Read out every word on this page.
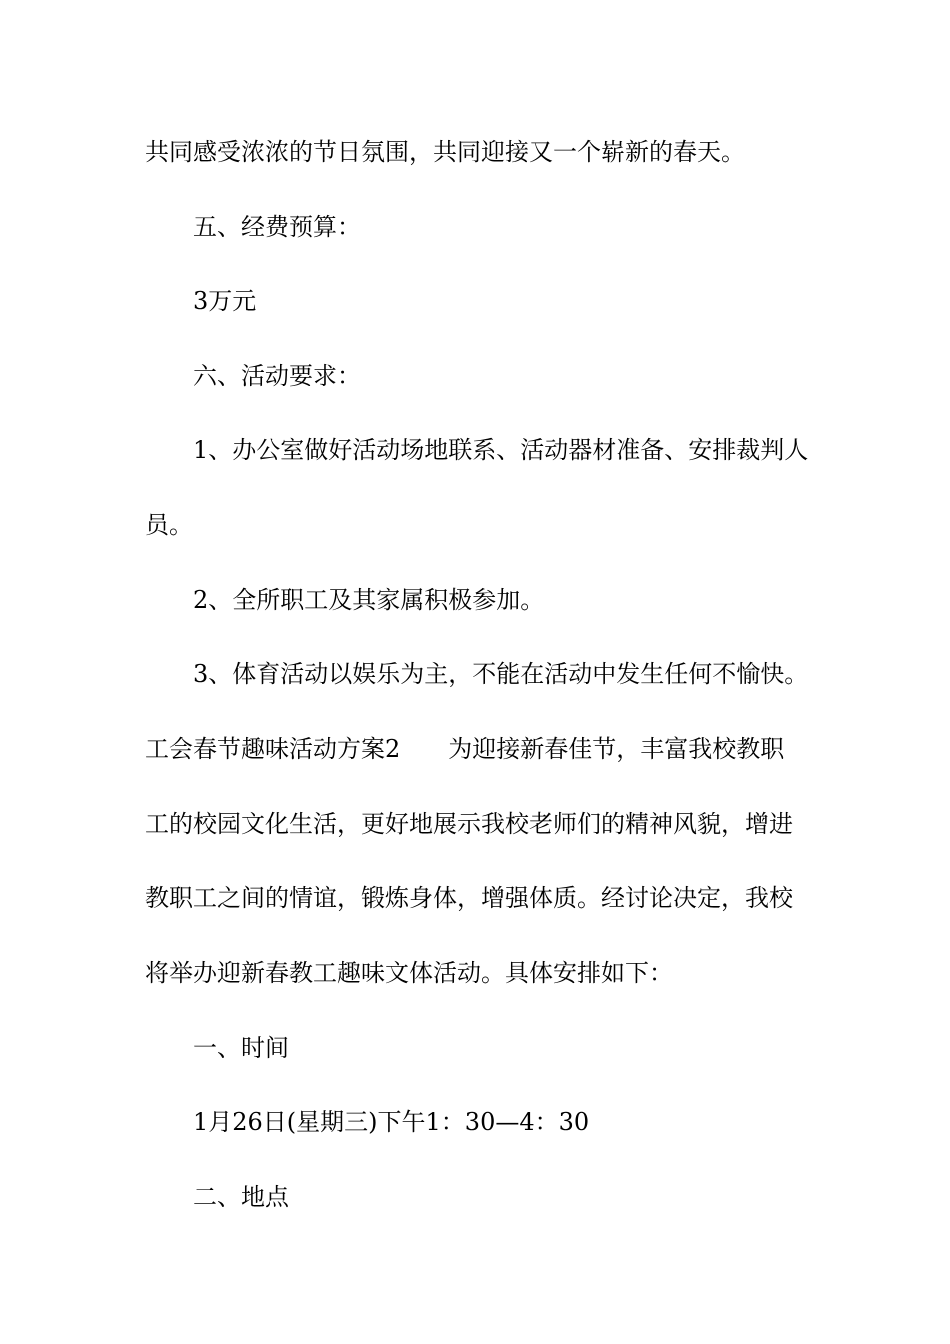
共同感受浓浓的节日氛围，共同迎接又一个崭新的春天。
五、经费预算：
3万元
六、活动要求：
1、办公室做好活动场地联系、活动器材准备、安排裁判人
员。
2、全所职工及其家属积极参加。
3、体育活动以娱乐为主，不能在活动中发生任何不愉快。
工会春节趣味活动方案2 为迎接新春佳节，丰富我校教职
工的校园文化生活，更好地展示我校老师们的精神风貌，增进
教职工之间的情谊，锻炼身体，增强体质。经讨论决定，我校
将举办迎新春教工趣味文体活动。具体安排如下：
一、时间
1月26日(星期三)下午1：30—4：30
二、地点
